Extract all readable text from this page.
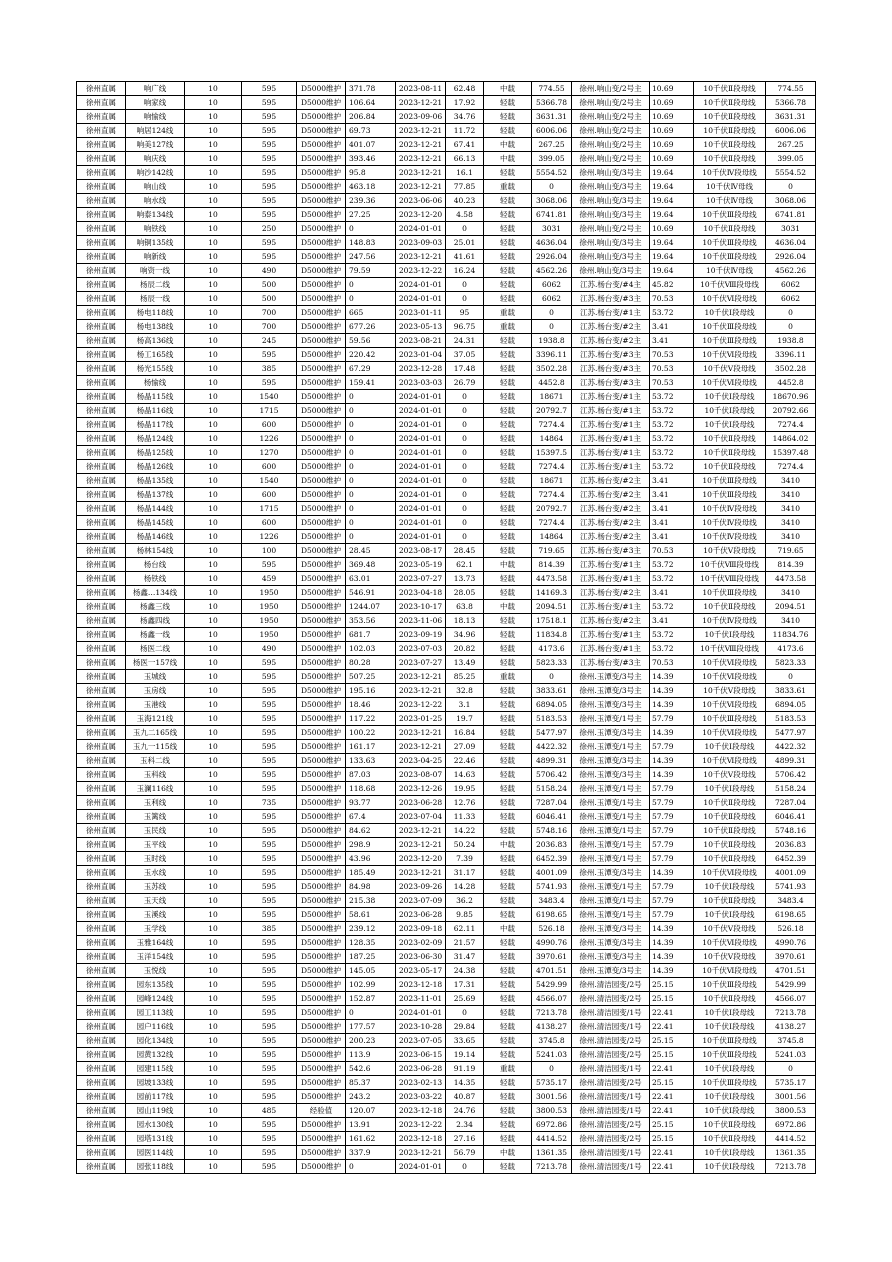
徐州直属	响广线	10	595	D5000维护	371.78	2023-08-11	62.48	中载	774.55	徐州.响山变/2号主	10.69	10千伏Ⅱ段母线	774.55
徐州直属	响家线	10	595	D5000维护	106.64	2023-12-21	17.92	轻载	5366.78	徐州.响山变/2号主	10.69	10千伏Ⅱ段母线	5366.78
徐州直属	响愉线	10	595	D5000维护	206.84	2023-09-06	34.76	轻载	3631.31	徐州.响山变/2号主	10.69	10千伏Ⅱ段母线	3631.31
徐州直属	响居124线	10	595	D5000维护	69.73	2023-12-21	11.72	轻载	6006.06	徐州.响山变/2号主	10.69	10千伏Ⅱ段母线	6006.06
徐州直属	响美127线	10	595	D5000维护	401.07	2023-12-21	67.41	中载	267.25	徐州.响山变/2号主	10.69	10千伏Ⅱ段母线	267.25
徐州直属	响庆线	10	595	D5000维护	393.46	2023-12-21	66.13	中载	399.05	徐州.响山变/2号主	10.69	10千伏Ⅱ段母线	399.05
徐州直属	响沙142线	10	595	D5000维护	95.8	2023-12-21	16.1	轻载	5554.52	徐州.响山变/3号主	19.64	10千伏Ⅳ段母线	5554.52
徐州直属	响山线	10	595	D5000维护	463.18	2023-12-21	77.85	重载	0	徐州.响山变/3号主	19.64	10千伏Ⅳ母线	0
徐州直属	响水线	10	595	D5000维护	239.36	2023-06-06	40.23	轻载	3068.06	徐州.响山变/3号主	19.64	10千伏Ⅳ母线	3068.06
徐州直属	响泰134线	10	595	D5000维护	27.25	2023-12-20	4.58	轻载	6741.81	徐州.响山变/3号主	19.64	10千伏Ⅲ段母线	6741.81
徐州直属	响铁线	10	250	D5000维护	0	2024-01-01	0	轻载	3031	徐州.响山变/2号主	10.69	10千伏Ⅱ段母线	3031
徐州直属	响铜135线	10	595	D5000维护	148.83	2023-09-03	25.01	轻载	4636.04	徐州.响山变/3号主	19.64	10千伏Ⅲ段母线	4636.04
徐州直属	响新线	10	595	D5000维护	247.56	2023-12-21	41.61	轻载	2926.04	徐州.响山变/3号主	19.64	10千伏Ⅲ段母线	2926.04
徐州直属	响资一线	10	490	D5000维护	79.59	2023-12-22	16.24	轻载	4562.26	徐州.响山变/3号主	19.64	10千伏Ⅳ母线	4562.26
徐州直属	杨辰二线	10	500	D5000维护	0	2024-01-01	0	轻载	6062	江苏.杨台变/#4主	45.82	10千伏Ⅷ段母线	6062
徐州直属	杨辰一线	10	500	D5000维护	0	2024-01-01	0	轻载	6062	江苏.杨台变/#3主	70.53	10千伏Ⅵ段母线	6062
徐州直属	杨电118线	10	700	D5000维护	665	2023-01-11	95	重载	0	江苏.杨台变/#1主	53.72	10千伏Ⅰ段母线	0
徐州直属	杨电138线	10	700	D5000维护	677.26	2023-05-13	96.75	重载	0	江苏.杨台变/#2主	3.41	10千伏Ⅲ段母线	0
徐州直属	杨高136线	10	245	D5000维护	59.56	2023-08-21	24.31	轻载	1938.8	江苏.杨台变/#2主	3.41	10千伏Ⅲ段母线	1938.8
徐州直属	杨工165线	10	595	D5000维护	220.42	2023-01-04	37.05	轻载	3396.11	江苏.杨台变/#3主	70.53	10千伏Ⅵ段母线	3396.11
徐州直属	杨光155线	10	385	D5000维护	67.29	2023-12-28	17.48	轻载	3502.28	江苏.杨台变/#3主	70.53	10千伏Ⅴ段母线	3502.28
徐州直属	杨愉线	10	595	D5000维护	159.41	2023-03-03	26.79	轻载	4452.8	江苏.杨台变/#3主	70.53	10千伏Ⅵ段母线	4452.8
徐州直属	杨晶115线	10	1540	D5000维护	0	2024-01-01	0	轻载	18671	江苏.杨台变/#1主	53.72	10千伏Ⅰ段母线	18670.96
徐州直属	杨晶116线	10	1715	D5000维护	0	2024-01-01	0	轻载	20792.7	江苏.杨台变/#1主	53.72	10千伏Ⅰ段母线	20792.66
徐州直属	杨晶117线	10	600	D5000维护	0	2024-01-01	0	轻载	7274.4	江苏.杨台变/#1主	53.72	10千伏Ⅰ段母线	7274.4
徐州直属	杨晶124线	10	1226	D5000维护	0	2024-01-01	0	轻载	14864	江苏.杨台变/#1主	53.72	10千伏Ⅱ段母线	14864.02
徐州直属	杨晶125线	10	1270	D5000维护	0	2024-01-01	0	轻载	15397.5	江苏.杨台变/#1主	53.72	10千伏Ⅱ段母线	15397.48
徐州直属	杨晶126线	10	600	D5000维护	0	2024-01-01	0	轻载	7274.4	江苏.杨台变/#1主	53.72	10千伏Ⅱ段母线	7274.4
徐州直属	杨晶135线	10	1540	D5000维护	0	2024-01-01	0	轻载	18671	江苏.杨台变/#2主	3.41	10千伏Ⅲ段母线	3410
徐州直属	杨晶137线	10	600	D5000维护	0	2024-01-01	0	轻载	7274.4	江苏.杨台变/#2主	3.41	10千伏Ⅲ段母线	3410
徐州直属	杨晶144线	10	1715	D5000维护	0	2024-01-01	0	轻载	20792.7	江苏.杨台变/#2主	3.41	10千伏Ⅳ段母线	3410
徐州直属	杨晶145线	10	600	D5000维护	0	2024-01-01	0	轻载	7274.4	江苏.杨台变/#2主	3.41	10千伏Ⅳ段母线	3410
徐州直属	杨晶146线	10	1226	D5000维护	0	2024-01-01	0	轻载	14864	江苏.杨台变/#2主	3.41	10千伏Ⅳ段母线	3410
徐州直属	杨林154线	10	100	D5000维护	28.45	2023-08-17	28.45	轻载	719.65	江苏.杨台变/#3主	70.53	10千伏Ⅴ段母线	719.65
徐州直属	杨台线	10	595	D5000维护	369.48	2023-05-19	62.1	中载	814.39	江苏.杨台变/#1主	53.72	10千伏Ⅷ段母线	814.39
徐州直属	杨铁线	10	459	D5000维护	63.01	2023-07-27	13.73	轻载	4473.58	江苏.杨台变/#1主	53.72	10千伏Ⅷ段母线	4473.58
徐州直属	杨鑫…134线	10	1950	D5000维护	546.91	2023-04-18	28.05	轻载	14169.3	江苏.杨台变/#2主	3.41	10千伏Ⅲ段母线	3410
徐州直属	杨鑫三线	10	1950	D5000维护	1244.07	2023-10-17	63.8	中载	2094.51	江苏.杨台变/#1主	53.72	10千伏Ⅱ段母线	2094.51
徐州直属	杨鑫四线	10	1950	D5000维护	353.56	2023-11-06	18.13	轻载	17518.1	江苏.杨台变/#2主	3.41	10千伏Ⅳ段母线	3410
徐州直属	杨鑫一线	10	1950	D5000维护	681.7	2023-09-19	34.96	轻载	11834.8	江苏.杨台变/#1主	53.72	10千伏Ⅰ段母线	11834.76
徐州直属	杨医二线	10	490	D5000维护	102.03	2023-07-03	20.82	轻载	4173.6	江苏.杨台变/#1主	53.72	10千伏Ⅷ段母线	4173.6
徐州直属	杨医一157线	10	595	D5000维护	80.28	2023-07-27	13.49	轻载	5823.33	江苏.杨台变/#3主	70.53	10千伏Ⅵ段母线	5823.33
徐州直属	玉城线	10	595	D5000维护	507.25	2023-12-21	85.25	重载	0	徐州.玉潭变/3号主	14.39	10千伏Ⅵ段母线	0
徐州直属	玉房线	10	595	D5000维护	195.16	2023-12-21	32.8	轻载	3833.61	徐州.玉潭变/3号主	14.39	10千伏Ⅴ段母线	3833.61
徐州直属	玉港线	10	595	D5000维护	18.46	2023-12-22	3.1	轻载	6894.05	徐州.玉潭变/3号主	14.39	10千伏Ⅵ段母线	6894.05
徐州直属	玉海121线	10	595	D5000维护	117.22	2023-01-25	19.7	轻载	5183.53	徐州.玉潭变/1号主	57.79	10千伏Ⅲ段母线	5183.53
徐州直属	玉九二165线	10	595	D5000维护	100.22	2023-12-21	16.84	轻载	5477.97	徐州.玉潭变/3号主	14.39	10千伏Ⅵ段母线	5477.97
徐州直属	玉九一115线	10	595	D5000维护	161.17	2023-12-21	27.09	轻载	4422.32	徐州.玉潭变/1号主	57.79	10千伏Ⅰ段母线	4422.32
徐州直属	玉科二线	10	595	D5000维护	133.63	2023-04-25	22.46	轻载	4899.31	徐州.玉潭变/3号主	14.39	10千伏Ⅵ段母线	4899.31
徐州直属	玉科线	10	595	D5000维护	87.03	2023-08-07	14.63	轻载	5706.42	徐州.玉潭变/3号主	14.39	10千伏Ⅴ段母线	5706.42
徐州直属	玉澜116线	10	595	D5000维护	118.68	2023-12-26	19.95	轻载	5158.24	徐州.玉潭变/1号主	57.79	10千伏Ⅰ段母线	5158.24
徐州直属	玉利线	10	735	D5000维护	93.77	2023-06-28	12.76	轻载	7287.04	徐州.玉潭变/1号主	57.79	10千伏Ⅱ段母线	7287.04
徐州直属	玉篱线	10	595	D5000维护	67.4	2023-07-04	11.33	轻载	6046.41	徐州.玉潭变/1号主	57.79	10千伏Ⅱ段母线	6046.41
徐州直属	玉民线	10	595	D5000维护	84.62	2023-12-21	14.22	轻载	5748.16	徐州.玉潭变/1号主	57.79	10千伏Ⅱ段母线	5748.16
徐州直属	玉平线	10	595	D5000维护	298.9	2023-12-21	50.24	中载	2036.83	徐州.玉潭变/1号主	57.79	10千伏Ⅱ段母线	2036.83
徐州直属	玉时线	10	595	D5000维护	43.96	2023-12-20	7.39	轻载	6452.39	徐州.玉潭变/1号主	57.79	10千伏Ⅱ段母线	6452.39
徐州直属	玉水线	10	595	D5000维护	185.49	2023-12-21	31.17	轻载	4001.09	徐州.玉潭变/3号主	14.39	10千伏Ⅵ段母线	4001.09
徐州直属	玉苏线	10	595	D5000维护	84.98	2023-09-26	14.28	轻载	5741.93	徐州.玉潭变/1号主	57.79	10千伏Ⅰ段母线	5741.93
徐州直属	玉天线	10	595	D5000维护	215.38	2023-07-09	36.2	轻载	3483.4	徐州.玉潭变/1号主	57.79	10千伏Ⅱ段母线	3483.4
徐州直属	玉溪线	10	595	D5000维护	58.61	2023-06-28	9.85	轻载	6198.65	徐州.玉潭变/1号主	57.79	10千伏Ⅰ段母线	6198.65
徐州直属	玉学线	10	385	D5000维护	239.12	2023-09-18	62.11	中载	526.18	徐州.玉潭变/3号主	14.39	10千伏Ⅴ段母线	526.18
徐州直属	玉雅164线	10	595	D5000维护	128.35	2023-02-09	21.57	轻载	4990.76	徐州.玉潭变/3号主	14.39	10千伏Ⅵ段母线	4990.76
徐州直属	玉洋154线	10	595	D5000维护	187.25	2023-06-30	31.47	轻载	3970.61	徐州.玉潭变/3号主	14.39	10千伏Ⅴ段母线	3970.61
徐州直属	玉悦线	10	595	D5000维护	145.05	2023-05-17	24.38	轻载	4701.51	徐州.玉潭变/3号主	14.39	10千伏Ⅵ段母线	4701.51
徐州直属	园东135线	10	595	D5000维护	102.99	2023-12-18	17.31	轻载	5429.99	徐州.清洁园变/2号	25.15	10千伏Ⅲ段母线	5429.99
徐州直属	园峰124线	10	595	D5000维护	152.87	2023-11-01	25.69	轻载	4566.07	徐州.清洁园变/2号	25.15	10千伏Ⅱ段母线	4566.07
徐州直属	园工113线	10	595	D5000维护	0	2024-01-01	0	轻载	7213.78	徐州.清洁园变/1号	22.41	10千伏Ⅰ段母线	7213.78
徐州直属	园户116线	10	595	D5000维护	177.57	2023-10-28	29.84	轻载	4138.27	徐州.清洁园变/1号	22.41	10千伏Ⅰ段母线	4138.27
徐州直属	园化134线	10	595	D5000维护	200.23	2023-07-05	33.65	轻载	3745.8	徐州.清洁园变/2号	25.15	10千伏Ⅲ段母线	3745.8
徐州直属	园黄132线	10	595	D5000维护	113.9	2023-06-15	19.14	轻载	5241.03	徐州.清洁园变/2号	25.15	10千伏Ⅲ段母线	5241.03
徐州直属	园建115线	10	595	D5000维护	542.6	2023-06-28	91.19	重载	0	徐州.清洁园变/1号	22.41	10千伏Ⅰ段母线	0
徐州直属	园坡133线	10	595	D5000维护	85.37	2023-02-13	14.35	轻载	5735.17	徐州.清洁园变/2号	25.15	10千伏Ⅲ段母线	5735.17
徐州直属	园前117线	10	595	D5000维护	243.2	2023-03-22	40.87	轻载	3001.56	徐州.清洁园变/1号	22.41	10千伏Ⅰ段母线	3001.56
徐州直属	园山119线	10	485	经验值	120.07	2023-12-18	24.76	轻载	3800.53	徐州.清洁园变/1号	22.41	10千伏Ⅰ段母线	3800.53
徐州直属	园水130线	10	595	D5000维护	13.91	2023-12-22	2.34	轻载	6972.86	徐州.清洁园变/2号	25.15	10千伏Ⅱ段母线	6972.86
徐州直属	园塔131线	10	595	D5000维护	161.62	2023-12-18	27.16	轻载	4414.52	徐州.清洁园变/2号	25.15	10千伏Ⅱ段母线	4414.52
徐州直属	园医114线	10	595	D5000维护	337.9	2023-12-21	56.79	中载	1361.35	徐州.清洁园变/1号	22.41	10千伏Ⅰ段母线	1361.35
徐州直属	园张118线	10	595	D5000维护	0	2024-01-01	0	轻载	7213.78	徐州.清洁园变/1号	22.41	10千伏Ⅰ段母线	7213.78
